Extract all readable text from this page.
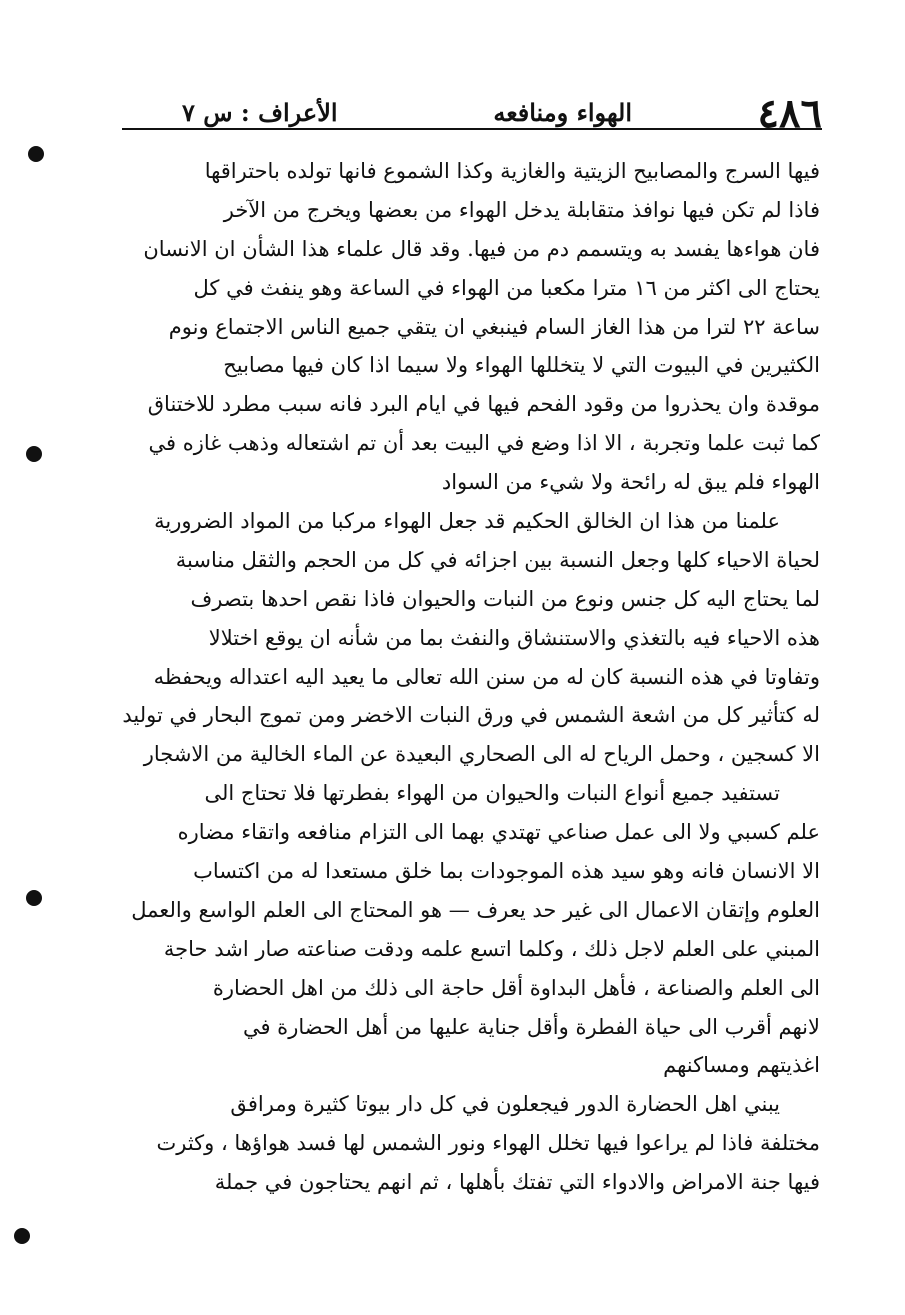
٤٨٦
الهواء ومنافعه
الأعراف : س ٧
فيها السرج والمصابيح الزيتية والغازية وكذا الشموع فانها تولده باحتراقها
فاذا لم تكن فيها نوافذ متقابلة يدخل الهواء من بعضها ويخرج من الآخر
فان هواءها يفسد به ويتسمم دم من فيها. وقد قال علماء هذا الشأن ان الانسان
يحتاج الى اكثر من ١٦ مترا مكعبا من الهواء في الساعة وهو ينفث في كل
ساعة ٢٢ لترا من هذا الغاز السام فينبغي ان يتقي جميع الناس الاجتماع ونوم
الكثيرين في البيوت التي لا يتخللها الهواء ولا سيما اذا كان فيها مصابيح
موقدة وان يحذروا من وقود الفحم فيها في ايام البرد فانه سبب مطرد للاختناق
كما ثبت علما وتجربة ، الا اذا وضع في البيت بعد أن تم اشتعاله وذهب غازه في
الهواء فلم يبق له رائحة ولا شيء من السواد
علمنا من هذا ان الخالق الحكيم قد جعل الهواء مركبا من المواد الضرورية
لحياة الاحياء كلها وجعل النسبة بين اجزائه في كل من الحجم والثقل مناسبة
لما يحتاج اليه كل جنس ونوع من النبات والحيوان فاذا نقص احدها بتصرف
هذه الاحياء فيه بالتغذي والاستنشاق والنفث بما من شأنه ان يوقع اختلالا
وتفاوتا في هذه النسبة كان له من سنن الله تعالى ما يعيد اليه اعتداله ويحفظه
له كتأثير كل من اشعة الشمس في ورق النبات الاخضر ومن تموج البحار في توليد
الا كسجين ، وحمل الرياح له الى الصحاري البعيدة عن الماء الخالية من الاشجار
تستفيد جميع أنواع النبات والحيوان من الهواء بفطرتها فلا تحتاج الى
علم كسبي ولا الى عمل صناعي تهتدي بهما الى التزام منافعه واتقاء مضاره
الا الانسان فانه وهو سيد هذه الموجودات بما خلق مستعدا له من اكتساب
العلوم وإتقان الاعمال الى غير حد يعرف — هو المحتاج الى العلم الواسع والعمل
المبني على العلم لاجل ذلك ، وكلما اتسع علمه ودقت صناعته صار اشد حاجة
الى العلم والصناعة ، فأهل البداوة أقل حاجة الى ذلك من اهل الحضارة
لانهم أقرب الى حياة الفطرة وأقل جناية عليها من أهل الحضارة في
اغذيتهم ومساكنهم
يبني اهل الحضارة الدور فيجعلون في كل دار بيوتا كثيرة ومرافق
مختلفة فاذا لم يراعوا فيها تخلل الهواء ونور الشمس لها فسد هواؤها ، وكثرت
فيها جنة الامراض والادواء التي تفتك بأهلها ، ثم انهم يحتاجون في جملة
